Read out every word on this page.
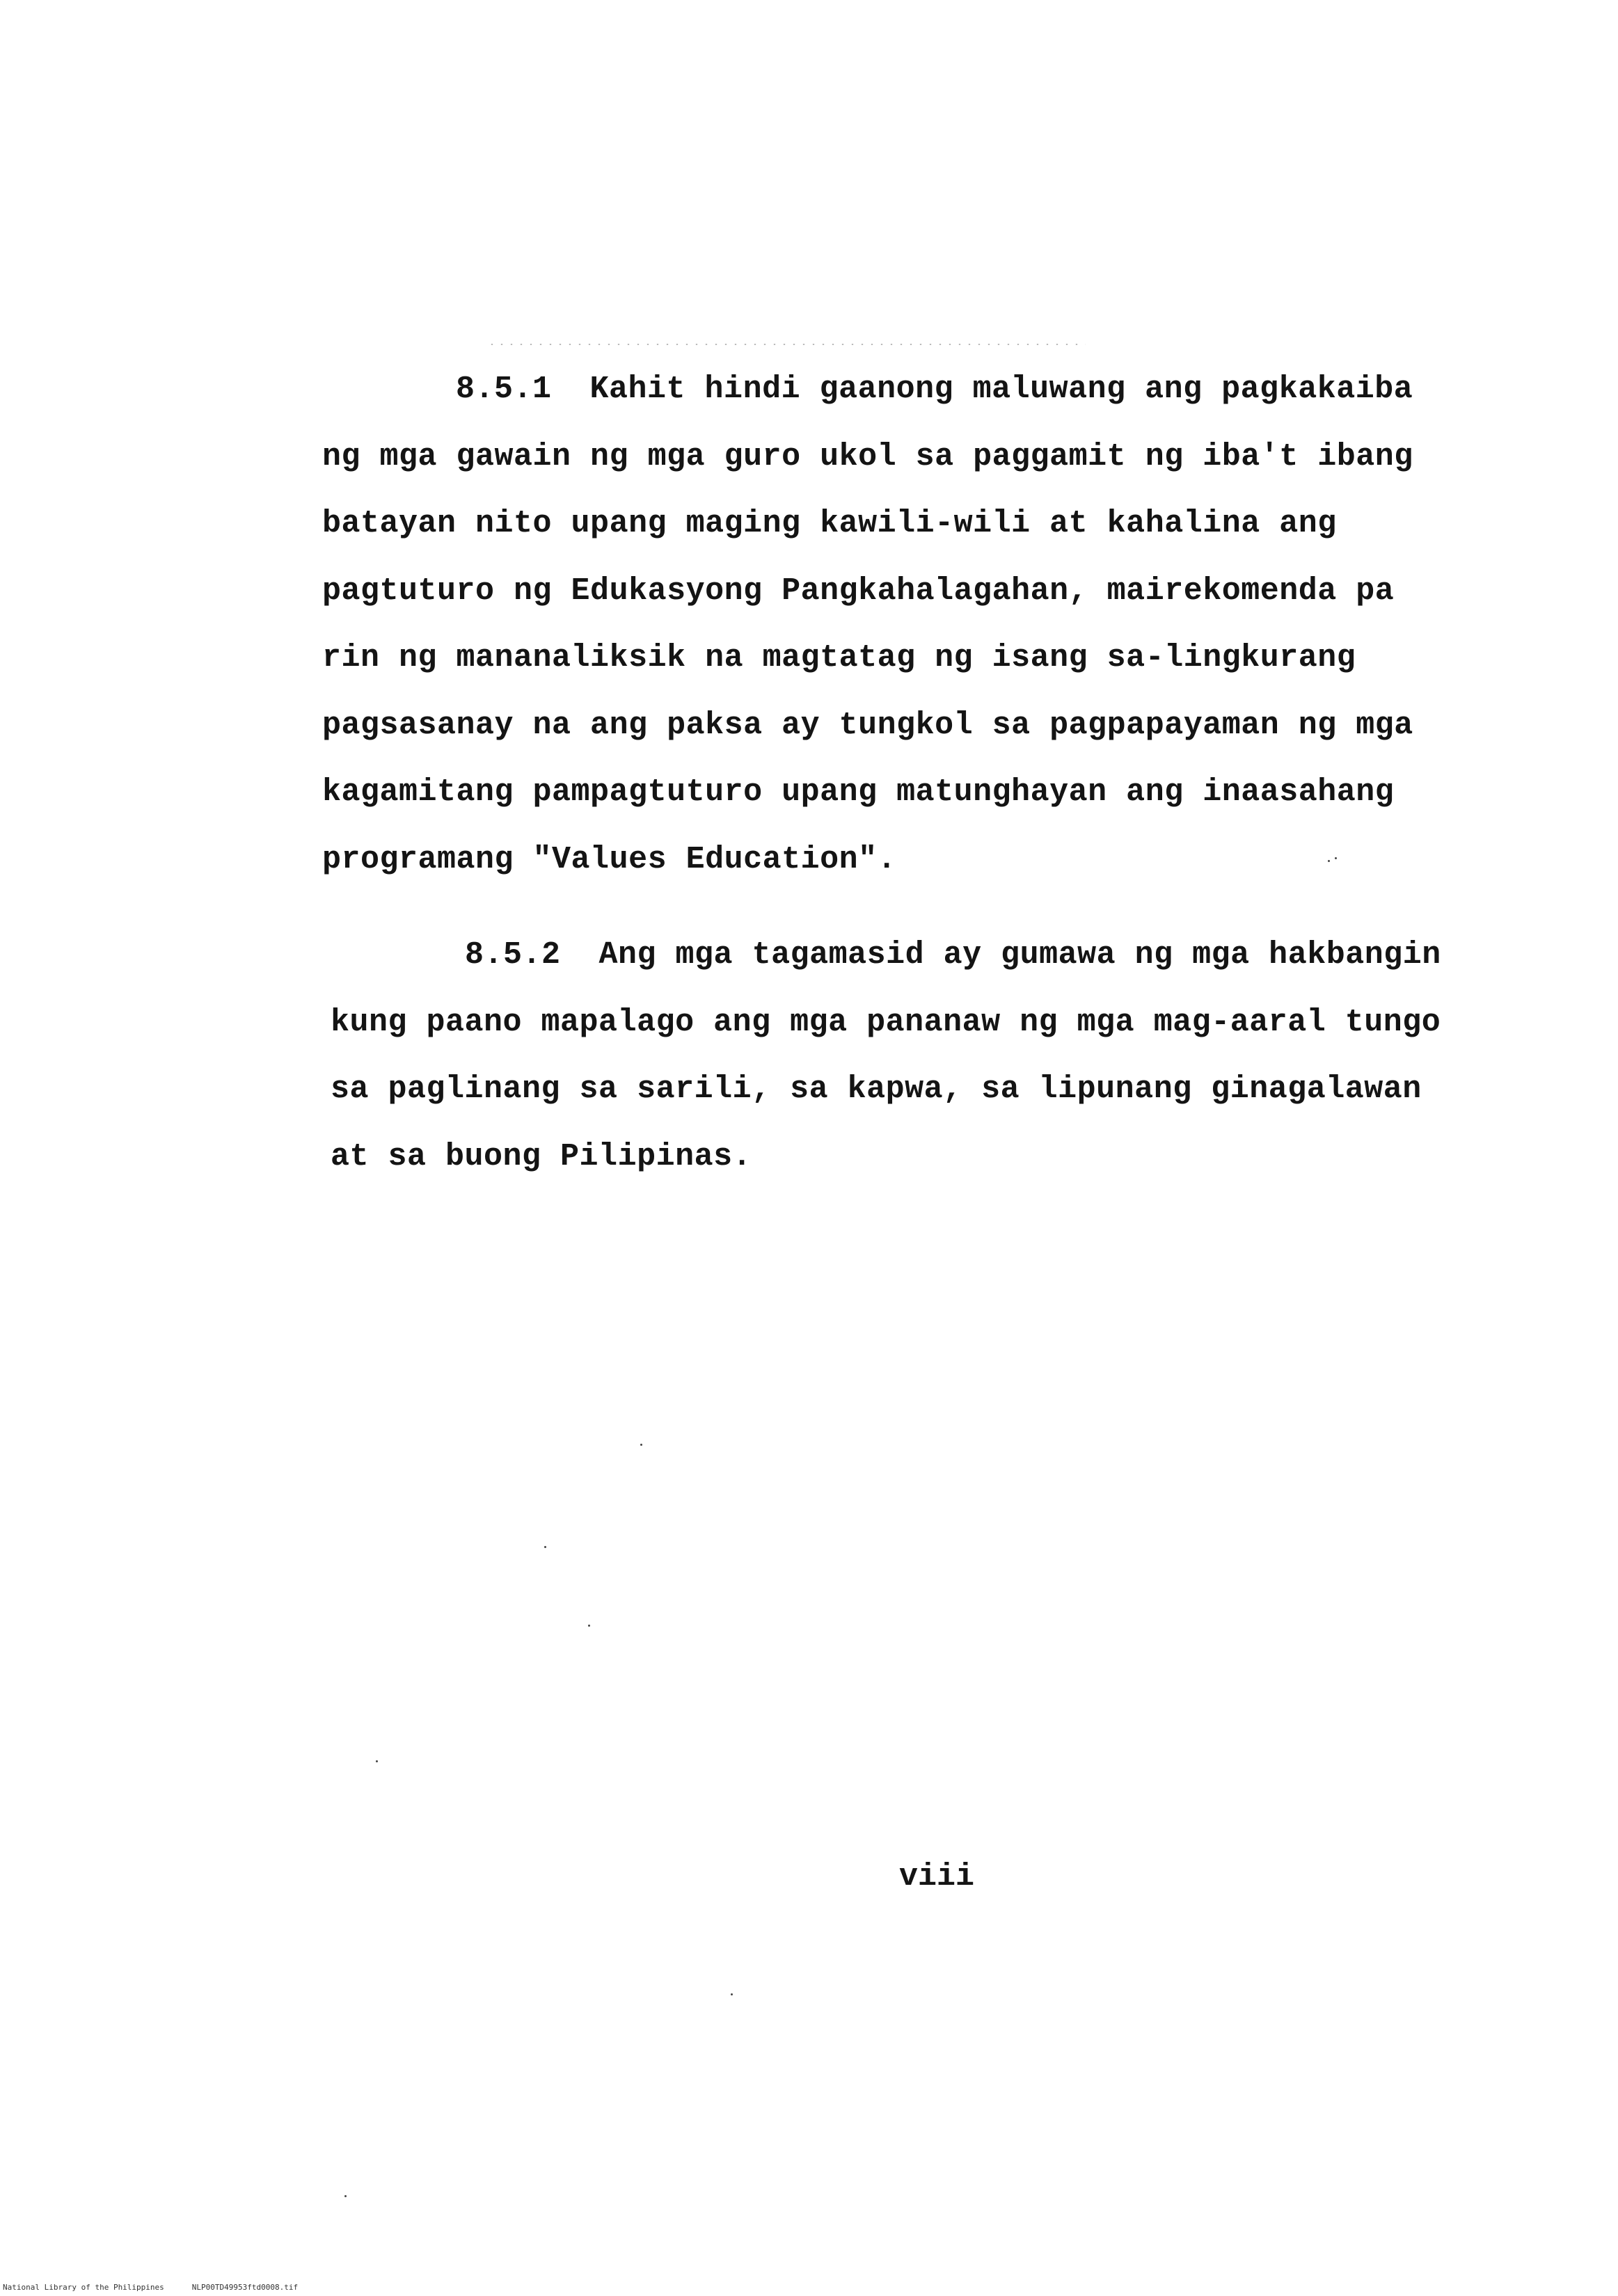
8.5.1  Kahit hindi gaanong maluwang ang pagkakaiba
ng mga gawain ng mga guro ukol sa paggamit ng iba't ibang
batayan nito upang maging kawili-wili at kahalina ang
pagtuturo ng Edukasyong Pangkahalagahan, mairekomenda pa
rin ng mananaliksik na magtatag ng isang sa-lingkurang
pagsasanay na ang paksa ay tungkol sa pagpapayaman ng mga
kagamitang pampagtuturo upang matunghayan ang inaasahang
programang "Values Education".
8.5.2  Ang mga tagamasid ay gumawa ng mga hakbangin
kung paano mapalago ang mga pananaw ng mga mag-aaral tungo
sa paglinang sa sarili, sa kapwa, sa lipunang ginagalawan
at sa buong Pilipinas.
viii
National Library of the Philippines	NLP00TD49953ftd0008.tif
